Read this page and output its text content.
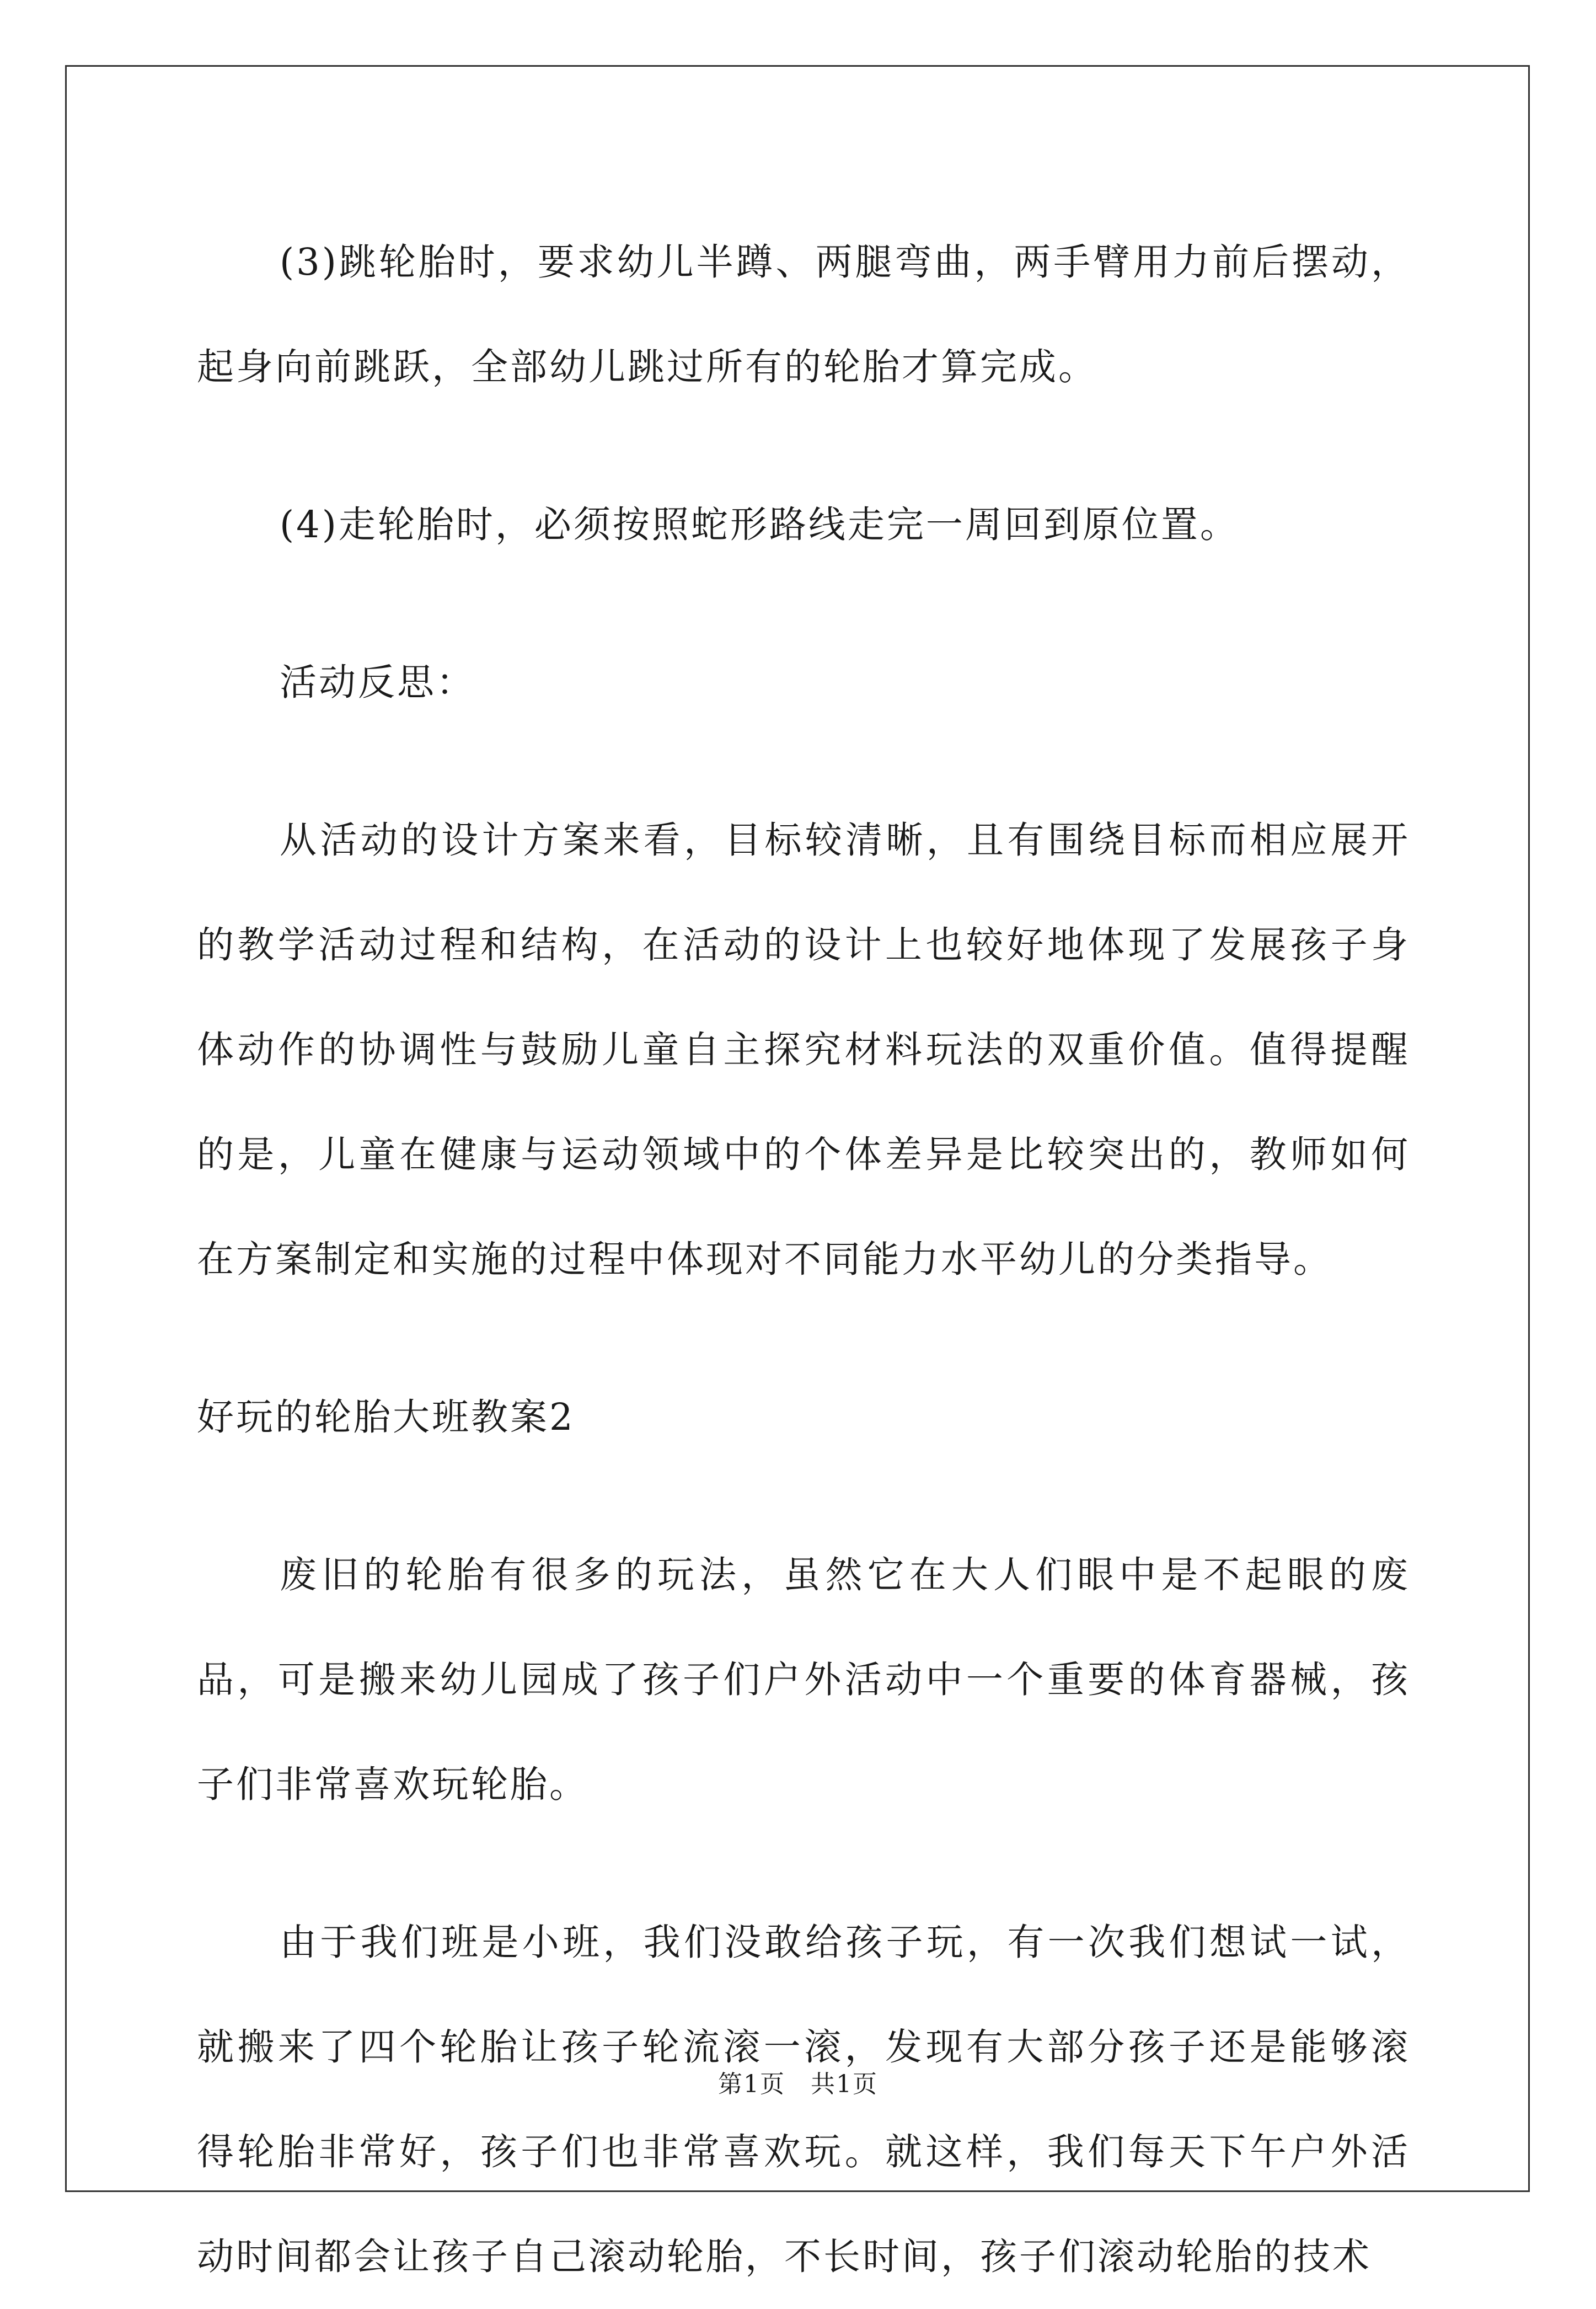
(3)跳轮胎时，要求幼儿半蹲、两腿弯曲，两手臂用力前后摆动，起身向前跳跃，全部幼儿跳过所有的轮胎才算完成。

(4)走轮胎时，必须按照蛇形路线走完一周回到原位置。

活动反思：

从活动的设计方案来看，目标较清晰，且有围绕目标而相应展开的教学活动过程和结构，在活动的设计上也较好地体现了发展孩子身体动作的协调性与鼓励儿童自主探究材料玩法的双重价值。值得提醒的是，儿童在健康与运动领域中的个体差异是比较突出的，教师如何在方案制定和实施的过程中体现对不同能力水平幼儿的分类指导。

好玩的轮胎大班教案2

废旧的轮胎有很多的玩法，虽然它在大人们眼中是不起眼的废品，可是搬来幼儿园成了孩子们户外活动中一个重要的体育器械，孩子们非常喜欢玩轮胎。

由于我们班是小班，我们没敢给孩子玩，有一次我们想试一试，就搬来了四个轮胎让孩子轮流滚一滚，发现有大部分孩子还是能够滚得轮胎非常好，孩子们也非常喜欢玩。就这样，我们每天下午户外活动时间都会让孩子自己滚动轮胎，不长时间，孩子们滚动轮胎的技术

第1页　共1页
